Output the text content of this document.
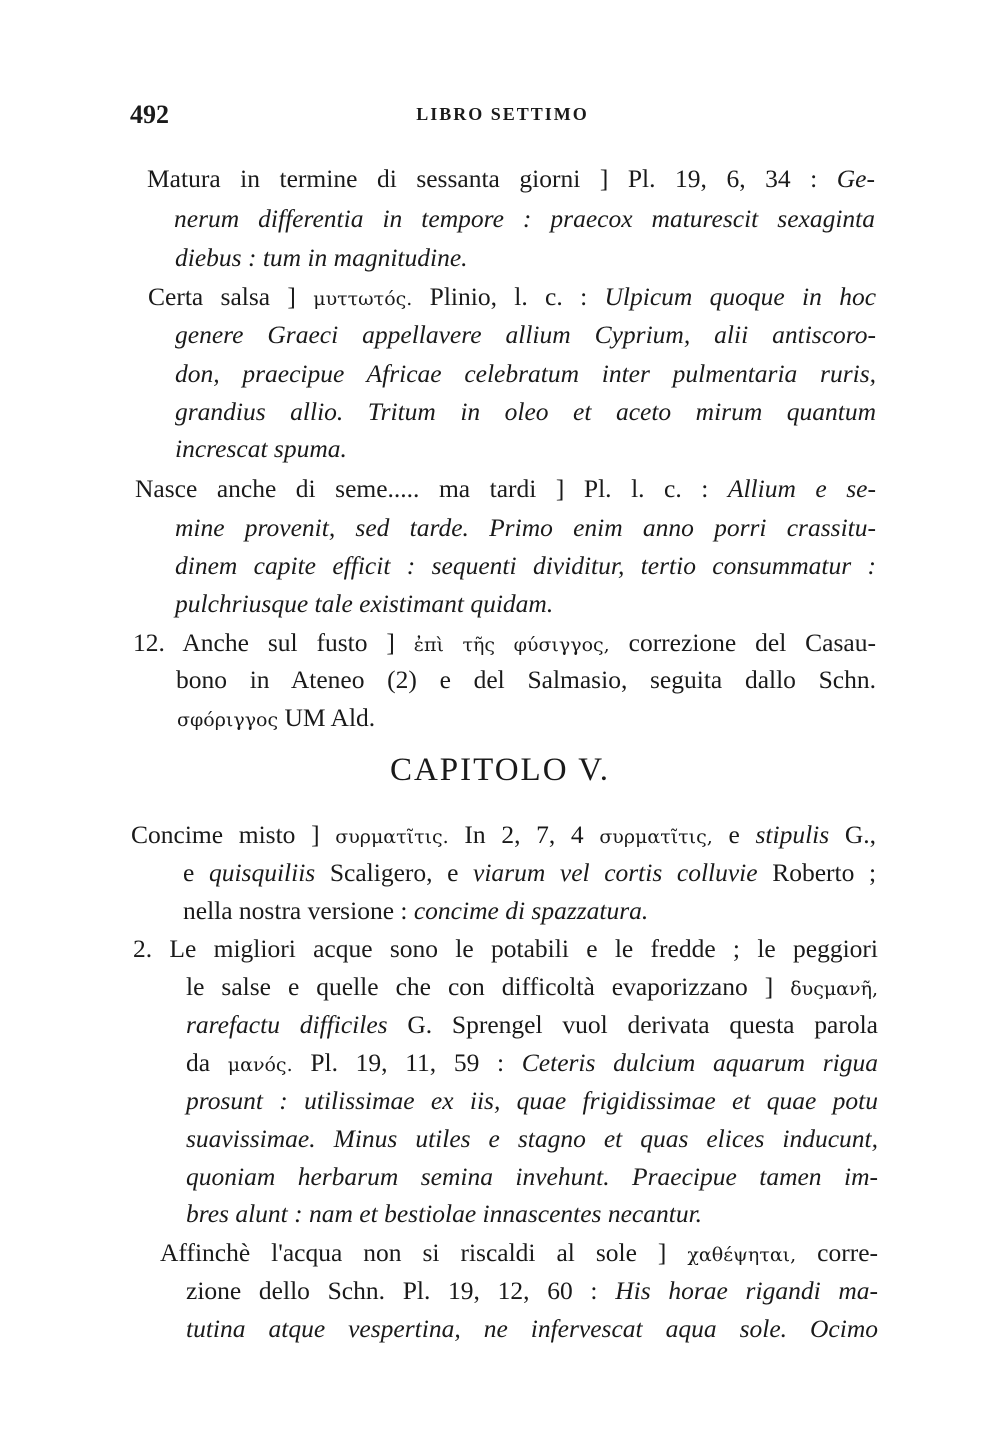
492	LIBRO SETTIMO
Matura in termine di sessanta giorni ] Pl. 19, 6, 34 : Ge-
nerum differentia in tempore : praecox maturescit sexaginta
diebus : tum in magnitudine.
Certa salsa ] μυττωτός. Plinio, l. c. : Ulpicum quoque in hoc
genere Graeci appellavere allium Cyprium, alii antiscoro-
don, praecipue Africae celebratum inter pulmentaria ruris,
grandius allio. Tritum in oleo et aceto mirum quantum
increscat spuma.
Nasce anche di seme..... ma tardi ] Pl. l. c. : Allium e se-
mine provenit, sed tarde. Primo enim anno porri crassitu-
dinem capite efficit : sequenti dividitur, tertio consummatur :
pulchriusque tale existimant quidam.
12. Anche sul fusto ] ἐπὶ τῆς φύσιγγος, correzione del Casau-
bono in Ateneo (2) e del Salmasio, seguita dallo Schn.
σφόριγγος UM Ald.
CAPITOLO V.
Concime misto ] συρματῖτις. In 2, 7, 4 συρματῖτις, e stipulis G.,
e quisquiliis Scaligero, e viarum vel cortis colluvie Roberto ;
nella nostra versione : concime di spazzatura.
2. Le migliori acque sono le potabili e le fredde ; le peggiori
le salse e quelle che con difficoltà evaporizzano ] δυςμανῆ,
rarefactu difficiles G. Sprengel vuol derivata questa parola
da μανός. Pl. 19, 11, 59 : Ceteris dulcium aquarum rigua
prosunt : utilissimae ex iis, quae frigidissimae et quae potu
suavissimae. Minus utiles e stagno et quas elices inducunt,
quoniam herbarum semina invehunt. Praecipue tamen im-
bres alunt : nam et bestiolae innascentes necantur.
Affinchè l'acqua non si riscaldi al sole ] χαθέψηται, corre-
zione dello Schn. Pl. 19, 12, 60 : His horae rigandi ma-
tutina atque vespertina, ne infervescat aqua sole. Ocimo
